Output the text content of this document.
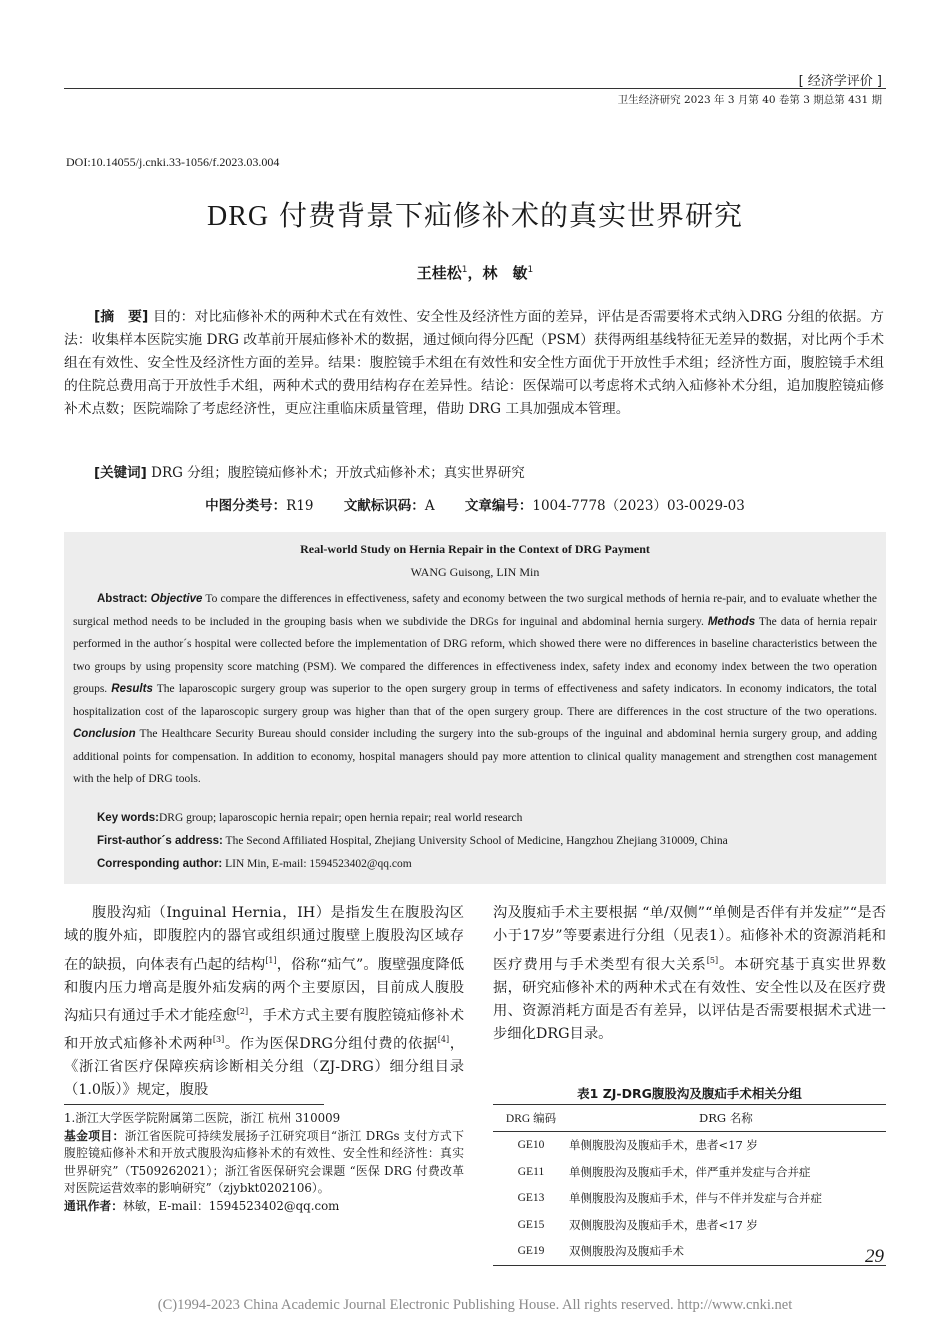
[ 经济学评价 ]
卫生经济研究 2023 年 3 月第 40 卷第 3 期总第 431 期
DOI:10.14055/j.cnki.33-1056/f.2023.03.004
DRG 付费背景下疝修补术的真实世界研究
王桂松$^1$，林　敏$^1$
[摘　要] 目的：对比疝修补术的两种术式在有效性、安全性及经济性方面的差异，评估是否需要将术式纳入DRG 分组的依据。方法：收集样本医院实施 DRG 改革前开展疝修补术的数据，通过倾向得分匹配（PSM）获得两组基线特征无差异的数据，对比两个手术组在有效性、安全性及经济性方面的差异。结果：腹腔镜手术组在有效性和安全性方面优于开放性手术组；经济性方面，腹腔镜手术组的住院总费用高于开放性手术组，两种术式的费用结构存在差异性。结论：医保端可以考虑将术式纳入疝修补术分组，追加腹腔镜疝修补术点数；医院端除了考虑经济性，更应注重临床质量管理，借助 DRG 工具加强成本管理。
[关键词] DRG 分组；腹腔镜疝修补术；开放式疝修补术；真实世界研究
中图分类号：R19 文献标识码：A 文章编号：1004-7778（2023）03-0029-03
Real-world Study on Hernia Repair in the Context of DRG Payment
WANG Guisong, LIN Min
Abstract: Objective To compare the differences in effectiveness, safety and economy between the two surgical methods of hernia re-pair, and to evaluate whether the surgical method needs to be included in the grouping basis when we subdivide the DRGs for inguinal and abdominal hernia surgery. Methods The data of hernia repair performed in the author´s hospital were collected before the implementation of DRG reform, which showed there were no differences in baseline characteristics between the two groups by using propensity score matching (PSM). We compared the differences in effectiveness index, safety index and economy index between the two operation groups. Results The laparoscopic surgery group was superior to the open surgery group in terms of effectiveness and safety indicators. In economy indicators, the total hospitalization cost of the laparoscopic surgery group was higher than that of the open surgery group. There are differences in the cost structure of the two operations. Conclusion The Healthcare Security Bureau should consider including the surgery into the sub-groups of the inguinal and abdominal hernia surgery group, and adding additional points for compensation. In addition to economy, hospital managers should pay more attention to clinical quality management and strengthen cost management with the help of DRG tools.
Key words:DRG group; laparoscopic hernia repair; open hernia repair; real world research
First-author´s address: The Second Affiliated Hospital, Zhejiang University School of Medicine, Hangzhou Zhejiang 310009, China
Corresponding author: LIN Min, E-mail: 1594523402@qq.com
腹股沟疝（Inguinal Hernia，IH）是指发生在腹股沟区域的腹外疝，即腹腔内的器官或组织通过腹壁上腹股沟区域存在的缺损，向体表有凸起的结构[1]，俗称“疝气”。腹壁强度降低和腹内压力增高是腹外疝发病的两个主要原因，目前成人腹股沟疝只有通过手术才能痊愈[2]，手术方式主要有腹腔镜疝修补术和开放式疝修补术两种[3]。作为医保DRG分组付费的依据[4]，《浙江省医疗保障疾病诊断相关分组（ZJ-DRG）细分组目录（1.0版）》规定，腹股
1.浙江大学医学院附属第二医院，浙江 杭州 310009
基金项目：浙江省医院可持续发展扬子江研究项目“浙江 DRGs 支付方式下腹腔镜疝修补术和开放式腹股沟疝修补术的有效性、安全性和经济性：真实世界研究”（T509262021）；浙江省医保研究会课题 “医保 DRG 付费改革对医院运营效率的影响研究”（zjybkt0202106）。
通讯作者：林敏，E-mail：1594523402@qq.com
沟及腹疝手术主要根据 “单/双侧”“单侧是否伴有并发症”“是否小于17岁”等要素进行分组（见表1）。疝修补术的资源消耗和医疗费用与手术类型有很大关系[5]。本研究基于真实世界数据，研究疝修补术的两种术式在有效性、安全性以及在医疗费用、资源消耗方面是否有差异，以评估是否需要根据术式进一步细化DRG目录。
表1 ZJ-DRG腹股沟及腹疝手术相关分组
DRG 编码	DRG 名称
GE10	单侧腹股沟及腹疝手术，患者<17 岁
GE11	单侧腹股沟及腹疝手术，伴严重并发症与合并症
GE13	单侧腹股沟及腹疝手术，伴与不伴并发症与合并症
GE15	双侧腹股沟及腹疝手术，患者<17 岁
GE19	双侧腹股沟及腹疝手术	29
(C)1994-2023 China Academic Journal Electronic Publishing House. All rights reserved. http://www.cnki.net
